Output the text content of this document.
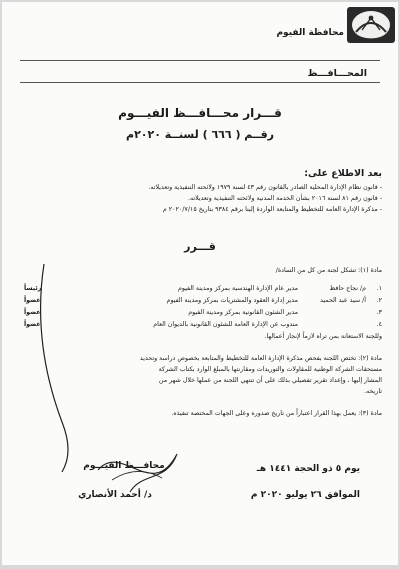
محافظة الفيوم
المحـــافـــظ
قـــرار محـــافـــظ الفيـــوم
رقــم ( ٦٦٦ ) لسنــة ٢٠٢٠م
بعد الاطلاع على:
- قانون نظام الإدارة المحلية الصادر بالقانون رقم ٤٣ لسنة ١٩٧٩ ولائحته التنفيذية وتعديلاته.
- قانون رقم ٨١ لسنة ٢٠١٦ بشأن الخدمة المدنية ولائحته التنفيذية وتعديلاته.
- مذكرة الإدارة العامة للتخطيط والمتابعة الواردة إلينا برقم ٩٣٨٤ بتاريخ ٢٠٢٠/٧/١٥ م
قـــرر
مادة (١): تشكل لجنة من كل من السادة/
١.
م/ نجاح حافظ
مدير عام الإدارة الهندسية بمركز ومدينة الفيوم
رئيساً
٢.
أ/ سيد عبد الحميد
مدير إدارة العقود والمشتريات بمركز ومدينة الفيوم
عضواً
٣.
مدير الشئون القانونية بمركز ومدينة الفيوم
عضواً
٤.
مندوب عن الإدارة العامة للشئون القانونية بالديوان العام
عضواً
وللجنة الاستعانة بمن تراه لازماً لإنجاز أعمالها.
مادة (٢): تختص اللجنة بفحص مذكرة الإدارة العامة للتخطيط والمتابعة بخصوص دراسة وتحديد
مستحقات الشركة الوطنية للمقاولات والتوريدات ومقارنتها بالمبلغ الوارد بكتاب الشركة
المشار إليها ، وإعداد تقرير تفصيلي بذلك على أن تنتهي اللجنة من عملها خلال شهر من
تاريخه.
مادة (٣): يعمل بهذا القرار اعتباراً من تاريخ صدوره وعلى الجهات المختصة تنفيذه.
يوم ٥ ذو الحجة ١٤٤١ هـ
الموافق ٢٦ يوليو ٢٠٢٠ م
محافـــظ الفيـــوم
د/ أحمد الأنصاري
